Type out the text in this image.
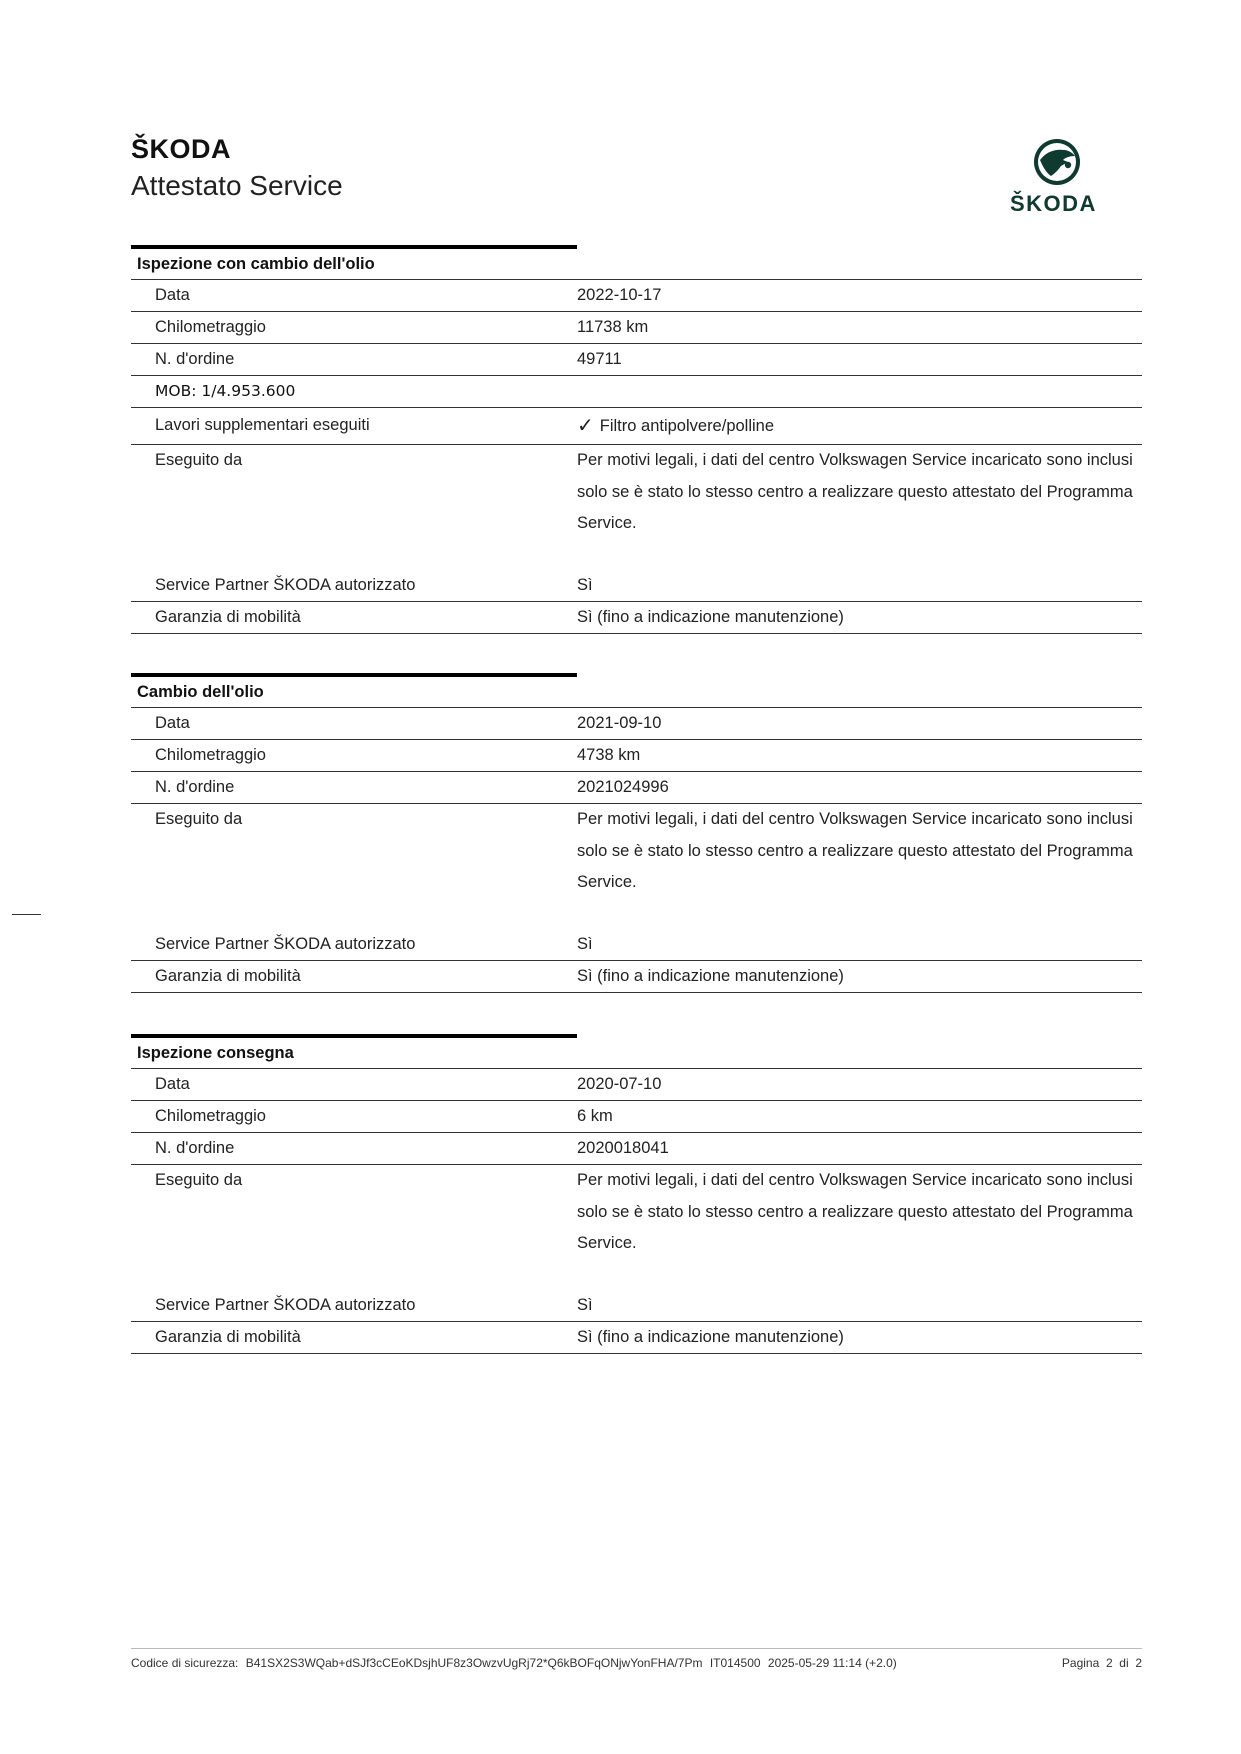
ŠKODA
Attestato Service
ŠKODA
Ispezione con cambio dell'olio
Data	2022-10-17
Chilometraggio	11738 km
N. d'ordine	49711
MOB: 1/4.953.600
Lavori supplementari eseguiti	✓ Filtro antipolvere/polline
Eseguito da	Per motivi legali, i dati del centro Volkswagen Service incaricato sono inclusi solo se è stato lo stesso centro a realizzare questo attestato del Programma Service.
Service Partner ŠKODA autorizzato	Sì
Garanzia di mobilità	Sì (fino a indicazione manutenzione)
Cambio dell'olio
Data	2021-09-10
Chilometraggio	4738 km
N. d'ordine	2021024996
Eseguito da	Per motivi legali, i dati del centro Volkswagen Service incaricato sono inclusi solo se è stato lo stesso centro a realizzare questo attestato del Programma Service.
Service Partner ŠKODA autorizzato	Sì
Garanzia di mobilità	Sì (fino a indicazione manutenzione)
Ispezione consegna
Data	2020-07-10
Chilometraggio	6 km
N. d'ordine	2020018041
Eseguito da	Per motivi legali, i dati del centro Volkswagen Service incaricato sono inclusi solo se è stato lo stesso centro a realizzare questo attestato del Programma Service.
Service Partner ŠKODA autorizzato	Sì
Garanzia di mobilità	Sì (fino a indicazione manutenzione)
Codice di sicurezza: B41SX2S3WQab+dSJf3cCEoKDsjhUF8z3OwzvUgRj72*Q6kBOFqONjwYonFHA/7Pm IT014500 2025-05-29 11:14 (+2.0)	Pagina 2 di 2
